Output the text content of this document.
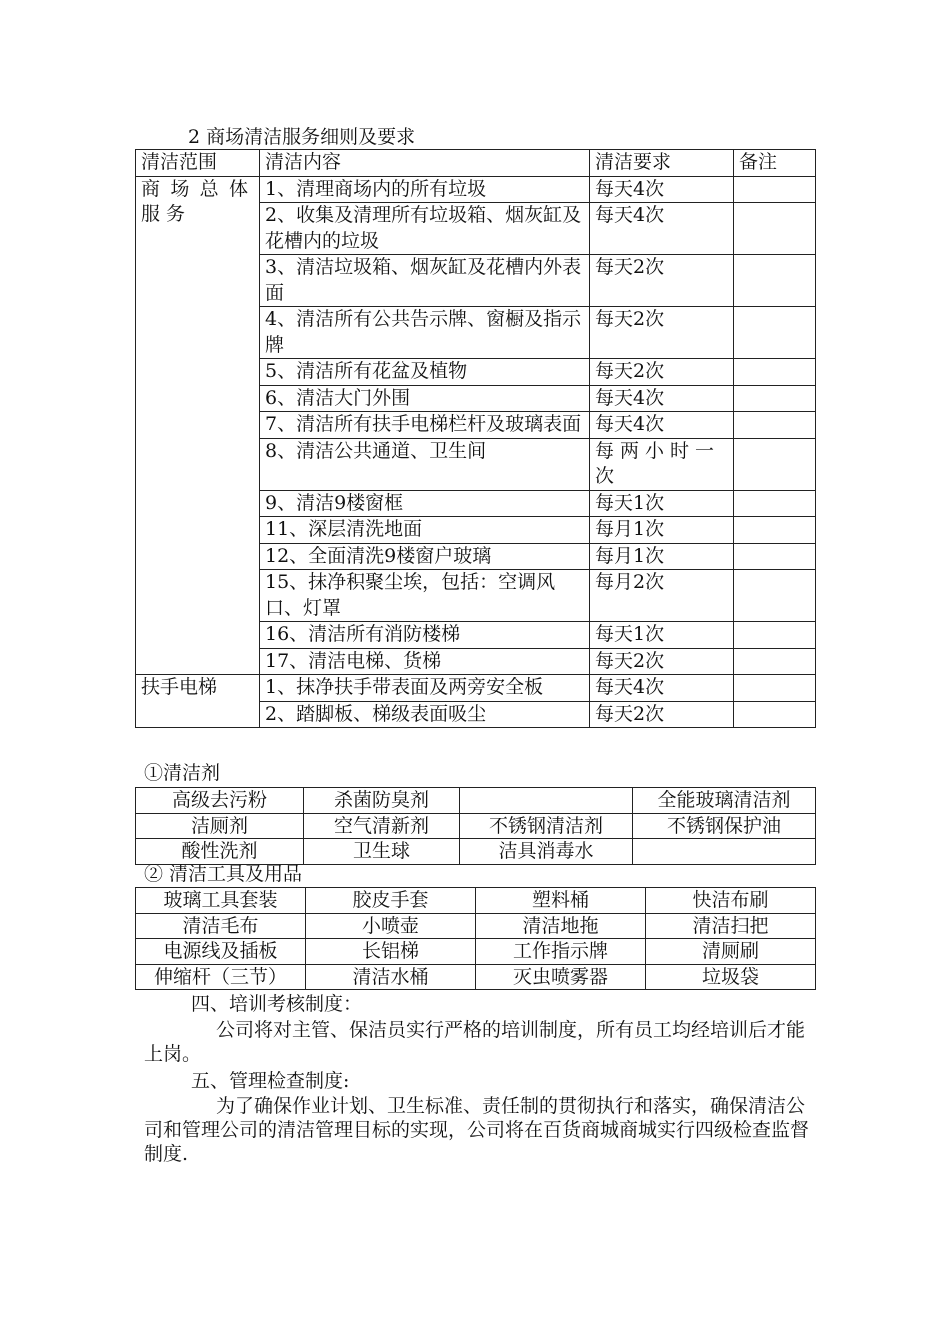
2 商场清洁服务细则及要求
清洁范围	清洁内容	清洁要求	备注
商场总体服务	1、清理商场内的所有垃圾	每天4次	
	2、收集及清理所有垃圾箱、烟灰缸及花槽内的垃圾	每天4次	
	3、清洁垃圾箱、烟灰缸及花槽内外表面	每天2次	
	4、清洁所有公共告示牌、窗橱及指示牌	每天2次	
	5、清洁所有花盆及植物	每天2次	
	6、清洁大门外围	每天4次	
	7、清洁所有扶手电梯栏杆及玻璃表面	每天4次	
	8、清洁公共通道、卫生间	每两小时一次	
	9、清洁9楼窗框	每天1次	
	11、深层清洗地面	每月1次	
	12、全面清洗9楼窗户玻璃	每月1次	
	15、抹净积聚尘埃，包括：空调风口、灯罩	每月2次	
	16、清洁所有消防楼梯	每天1次	
	17、清洁电梯、货梯	每天2次	
扶手电梯	1、抹净扶手带表面及两旁安全板	每天4次	
	2、踏脚板、梯级表面吸尘	每天2次	
①清洁剂
高级去污粉	杀菌防臭剂		全能玻璃清洁剂
洁厕剂	空气清新剂	不锈钢清洁剂	不锈钢保护油
酸性洗剂	卫生球	洁具消毒水	
② 清洁工具及用品
玻璃工具套装	胶皮手套	塑料桶	快洁布刷
清洁毛布	小喷壶	清洁地拖	清洁扫把
电源线及插板	长铝梯	工作指示牌	清厕刷
伸缩杆（三节）	清洁水桶	灭虫喷雾器	垃圾袋
四、培训考核制度：
公司将对主管、保洁员实行严格的培训制度，所有员工均经培训后才能上岗。
五、管理检查制度:
为了确保作业计划、卫生标准、责任制的贯彻执行和落实，确保清洁公司和管理公司的清洁管理目标的实现，公司将在百货商城商城实行四级检查监督制度.
